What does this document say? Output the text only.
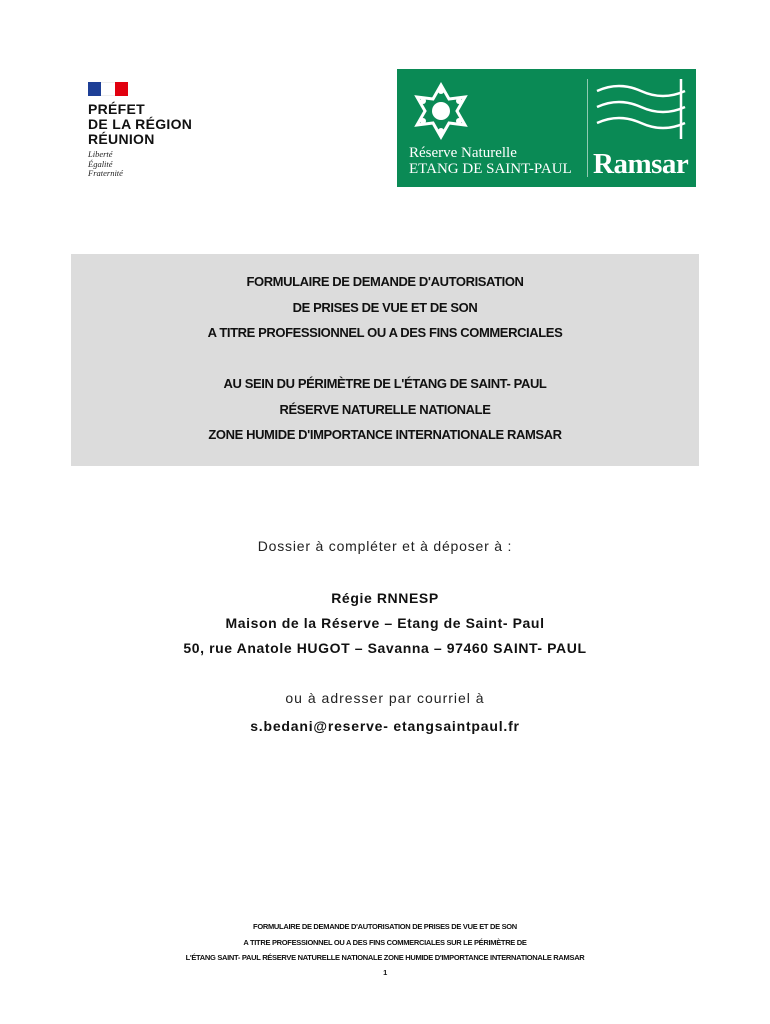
PRÉFET
DE LA RÉGION
RÉUNION
Liberté
Égalité
Fraternité
Réserve Naturelle
ETANG DE SAINT-PAUL Ramsar
FORMULAIRE DE DEMANDE D'AUTORISATION
DE PRISES DE VUE ET DE SON
A TITRE PROFESSIONNEL OU A DES FINS COMMERCIALES
AU SEIN DU PÉRIMÈTRE DE L'ÉTANG DE SAINT- PAUL
RÉSERVE NATURELLE NATIONALE
ZONE HUMIDE D'IMPORTANCE INTERNATIONALE RAMSAR
Dossier à compléter et à déposer à :
Régie RNNESP
Maison de la Réserve – Etang de Saint- Paul
50, rue Anatole HUGOT – Savanna – 97460 SAINT- PAUL
ou à adresser par courriel à
s.bedani@reserve- etangsaintpaul.fr
FORMULAIRE DE DEMANDE D'AUTORISATION DE PRISES DE VUE ET DE SON
A TITRE PROFESSIONNEL OU A DES FINS COMMERCIALES SUR LE PÉRIMÈTRE DE
L'ÉTANG SAINT- PAUL RÉSERVE NATURELLE NATIONALE ZONE HUMIDE D'IMPORTANCE INTERNATIONALE RAMSAR
1
